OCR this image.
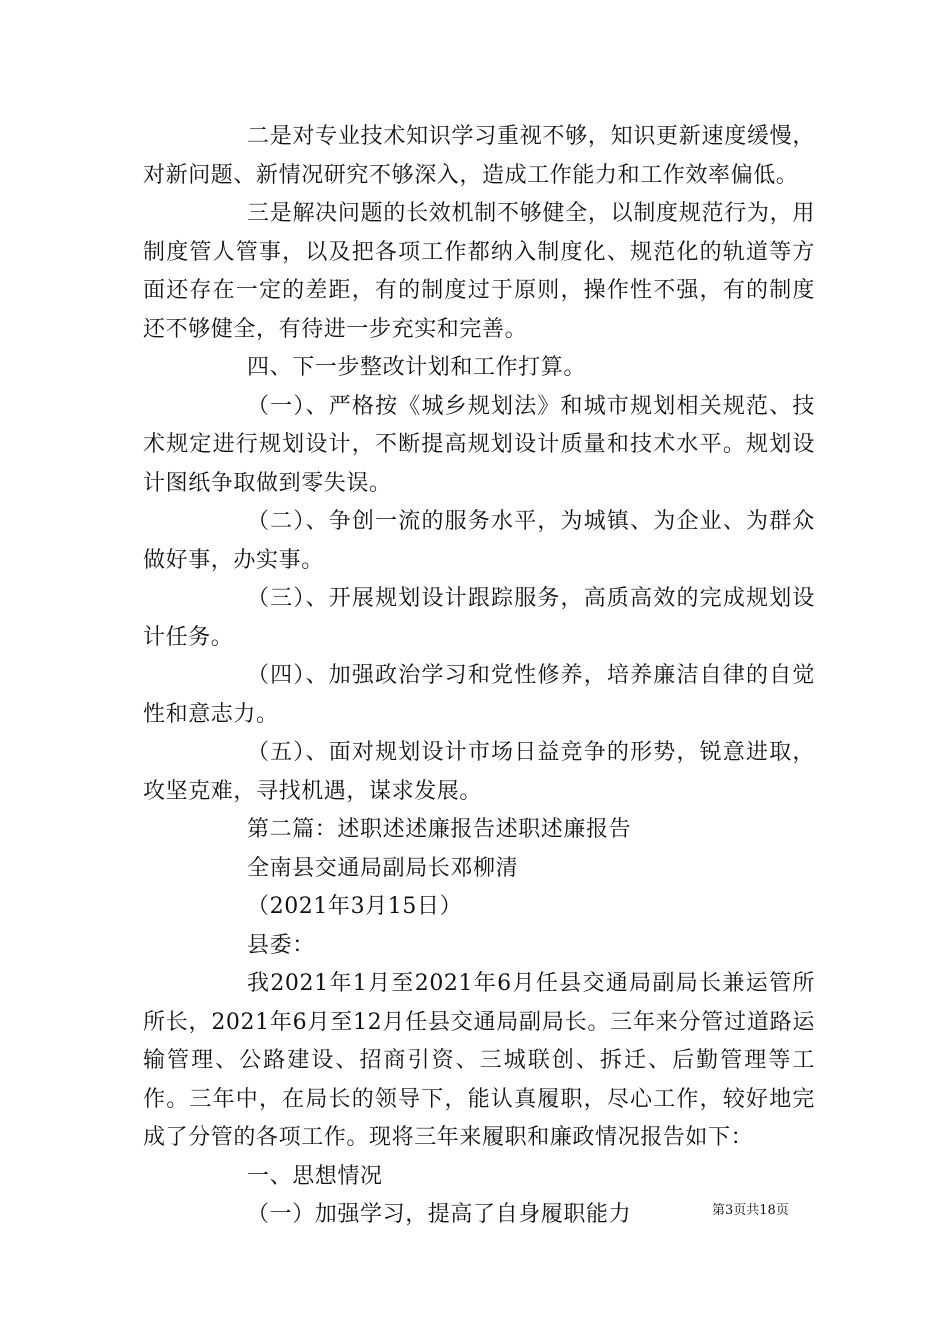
二是对专业技术知识学习重视不够，知识更新速度缓慢，对新问题、新情况研究不够深入，造成工作能力和工作效率偏低。

三是解决问题的长效机制不够健全，以制度规范行为，用制度管人管事，以及把各项工作都纳入制度化、规范化的轨道等方面还存在一定的差距，有的制度过于原则，操作性不强，有的制度还不够健全，有待进一步充实和完善。

四、下一步整改计划和工作打算。

（一）、严格按《城乡规划法》和城市规划相关规范、技术规定进行规划设计，不断提高规划设计质量和技术水平。规划设计图纸争取做到零失误。

（二）、争创一流的服务水平，为城镇、为企业、为群众做好事，办实事。

（三）、开展规划设计跟踪服务，高质高效的完成规划设计任务。

（四）、加强政治学习和党性修养，培养廉洁自律的自觉性和意志力。

（五）、面对规划设计市场日益竞争的形势，锐意进取，攻坚克难，寻找机遇，谋求发展。

第二篇：述职述述廉报告述职述廉报告

全南县交通局副局长邓柳清

（2021年3月15日）

县委：

我2021年1月至2021年6月任县交通局副局长兼运管所所长，2021年6月至12月任县交通局副局长。三年来分管过道路运输管理、公路建设、招商引资、三城联创、拆迁、后勤管理等工作。三年中，在局长的领导下，能认真履职，尽心工作，较好地完成了分管的各项工作。现将三年来履职和廉政情况报告如下：

一、思想情况

（一）加强学习，提高了自身履职能力	第3页共18页
